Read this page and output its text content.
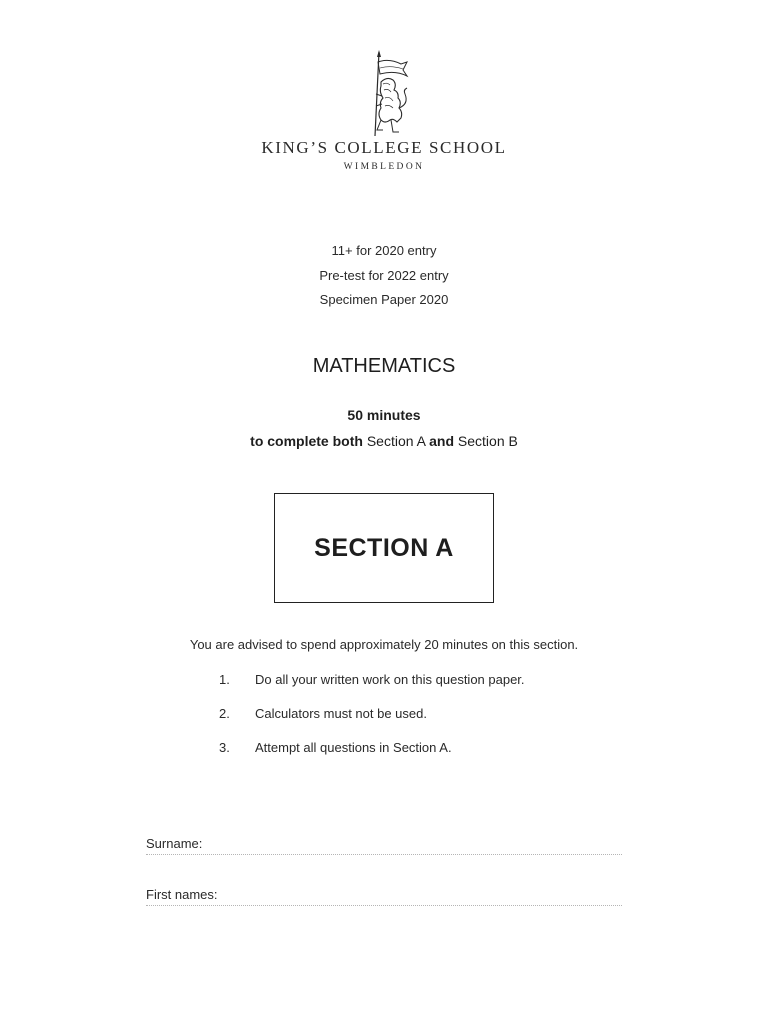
KING’S COLLEGE SCHOOL
WIMBLEDON
11+ for 2020 entry
Pre-test for 2022 entry
Specimen Paper 2020
MATHEMATICS
50 minutes
to complete both Section A and Section B
SECTION A
You are advised to spend approximately 20 minutes on this section.
1.	Do all your written work on this question paper.
2.	Calculators must not be used.
3.	Attempt all questions in Section A.
Surname:
First names:
